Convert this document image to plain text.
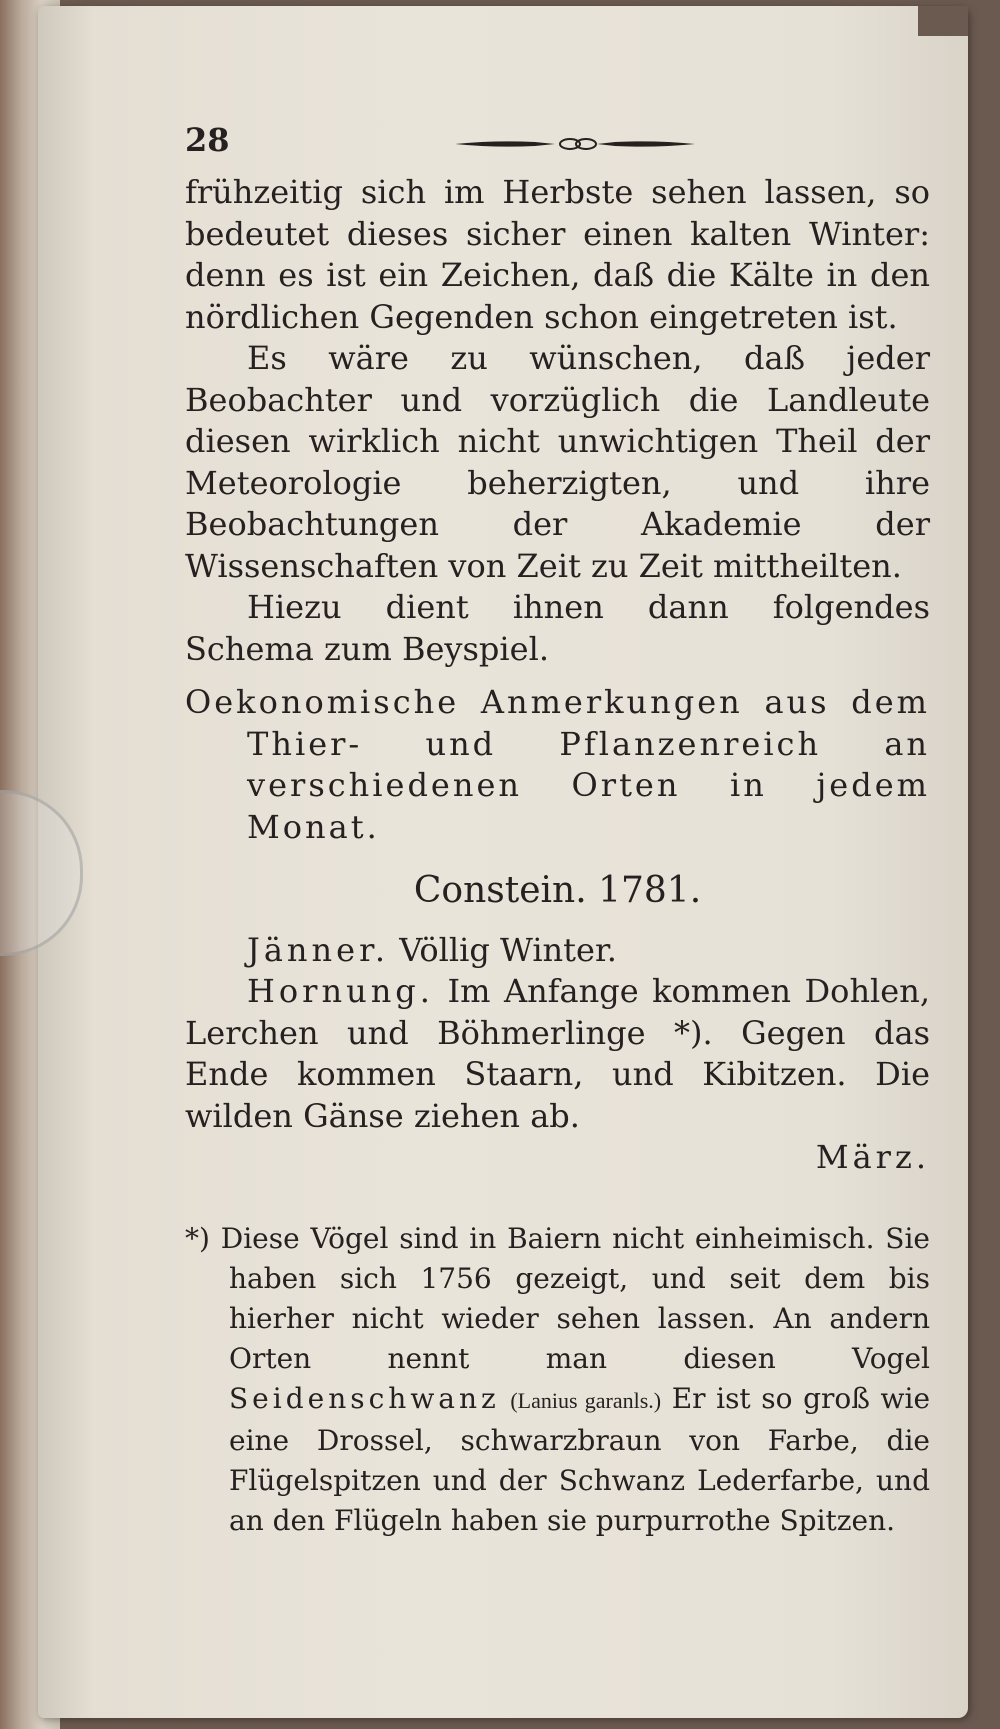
28

frühzeitig sich im Herbste sehen lassen, so bedeutet dieses sicher einen kalten Winter: denn es ist ein Zeichen, daß die Kälte in den nördlichen Gegenden schon eingetreten ist.

Es wäre zu wünschen, daß jeder Beobachter und vorzüglich die Landleute diesen wirklich nicht unwichtigen Theil der Meteorologie beherzigten, und ihre Beobachtungen der Akademie der Wissenschaften von Zeit zu Zeit mittheilten.

Hiezu dient ihnen dann folgendes Schema zum Beyspiel.

Oekonomische Anmerkungen aus dem Thier- und Pflanzenreich an verschiedenen Orten in jedem Monat.

Constein. 1781.

Jänner. Völlig Winter.

Hornung. Im Anfange kommen Dohlen, Lerchen und Böhmerlinge *). Gegen das Ende kommen Staarn, und Kibitzen. Die wilden Gänse ziehen ab.

März.

*) Diese Vögel sind in Baiern nicht einheimisch. Sie haben sich 1756 gezeigt, und seit dem bis hierher nicht wieder sehen lassen. An andern Orten nennt man diesen Vogel Seidenschwanz (Lanius garanls.) Er ist so groß wie eine Drossel, schwarzbraun von Farbe, die Flügelspitzen und der Schwanz Lederfarbe, und an den Flügeln haben sie purpurrothe Spitzen.
